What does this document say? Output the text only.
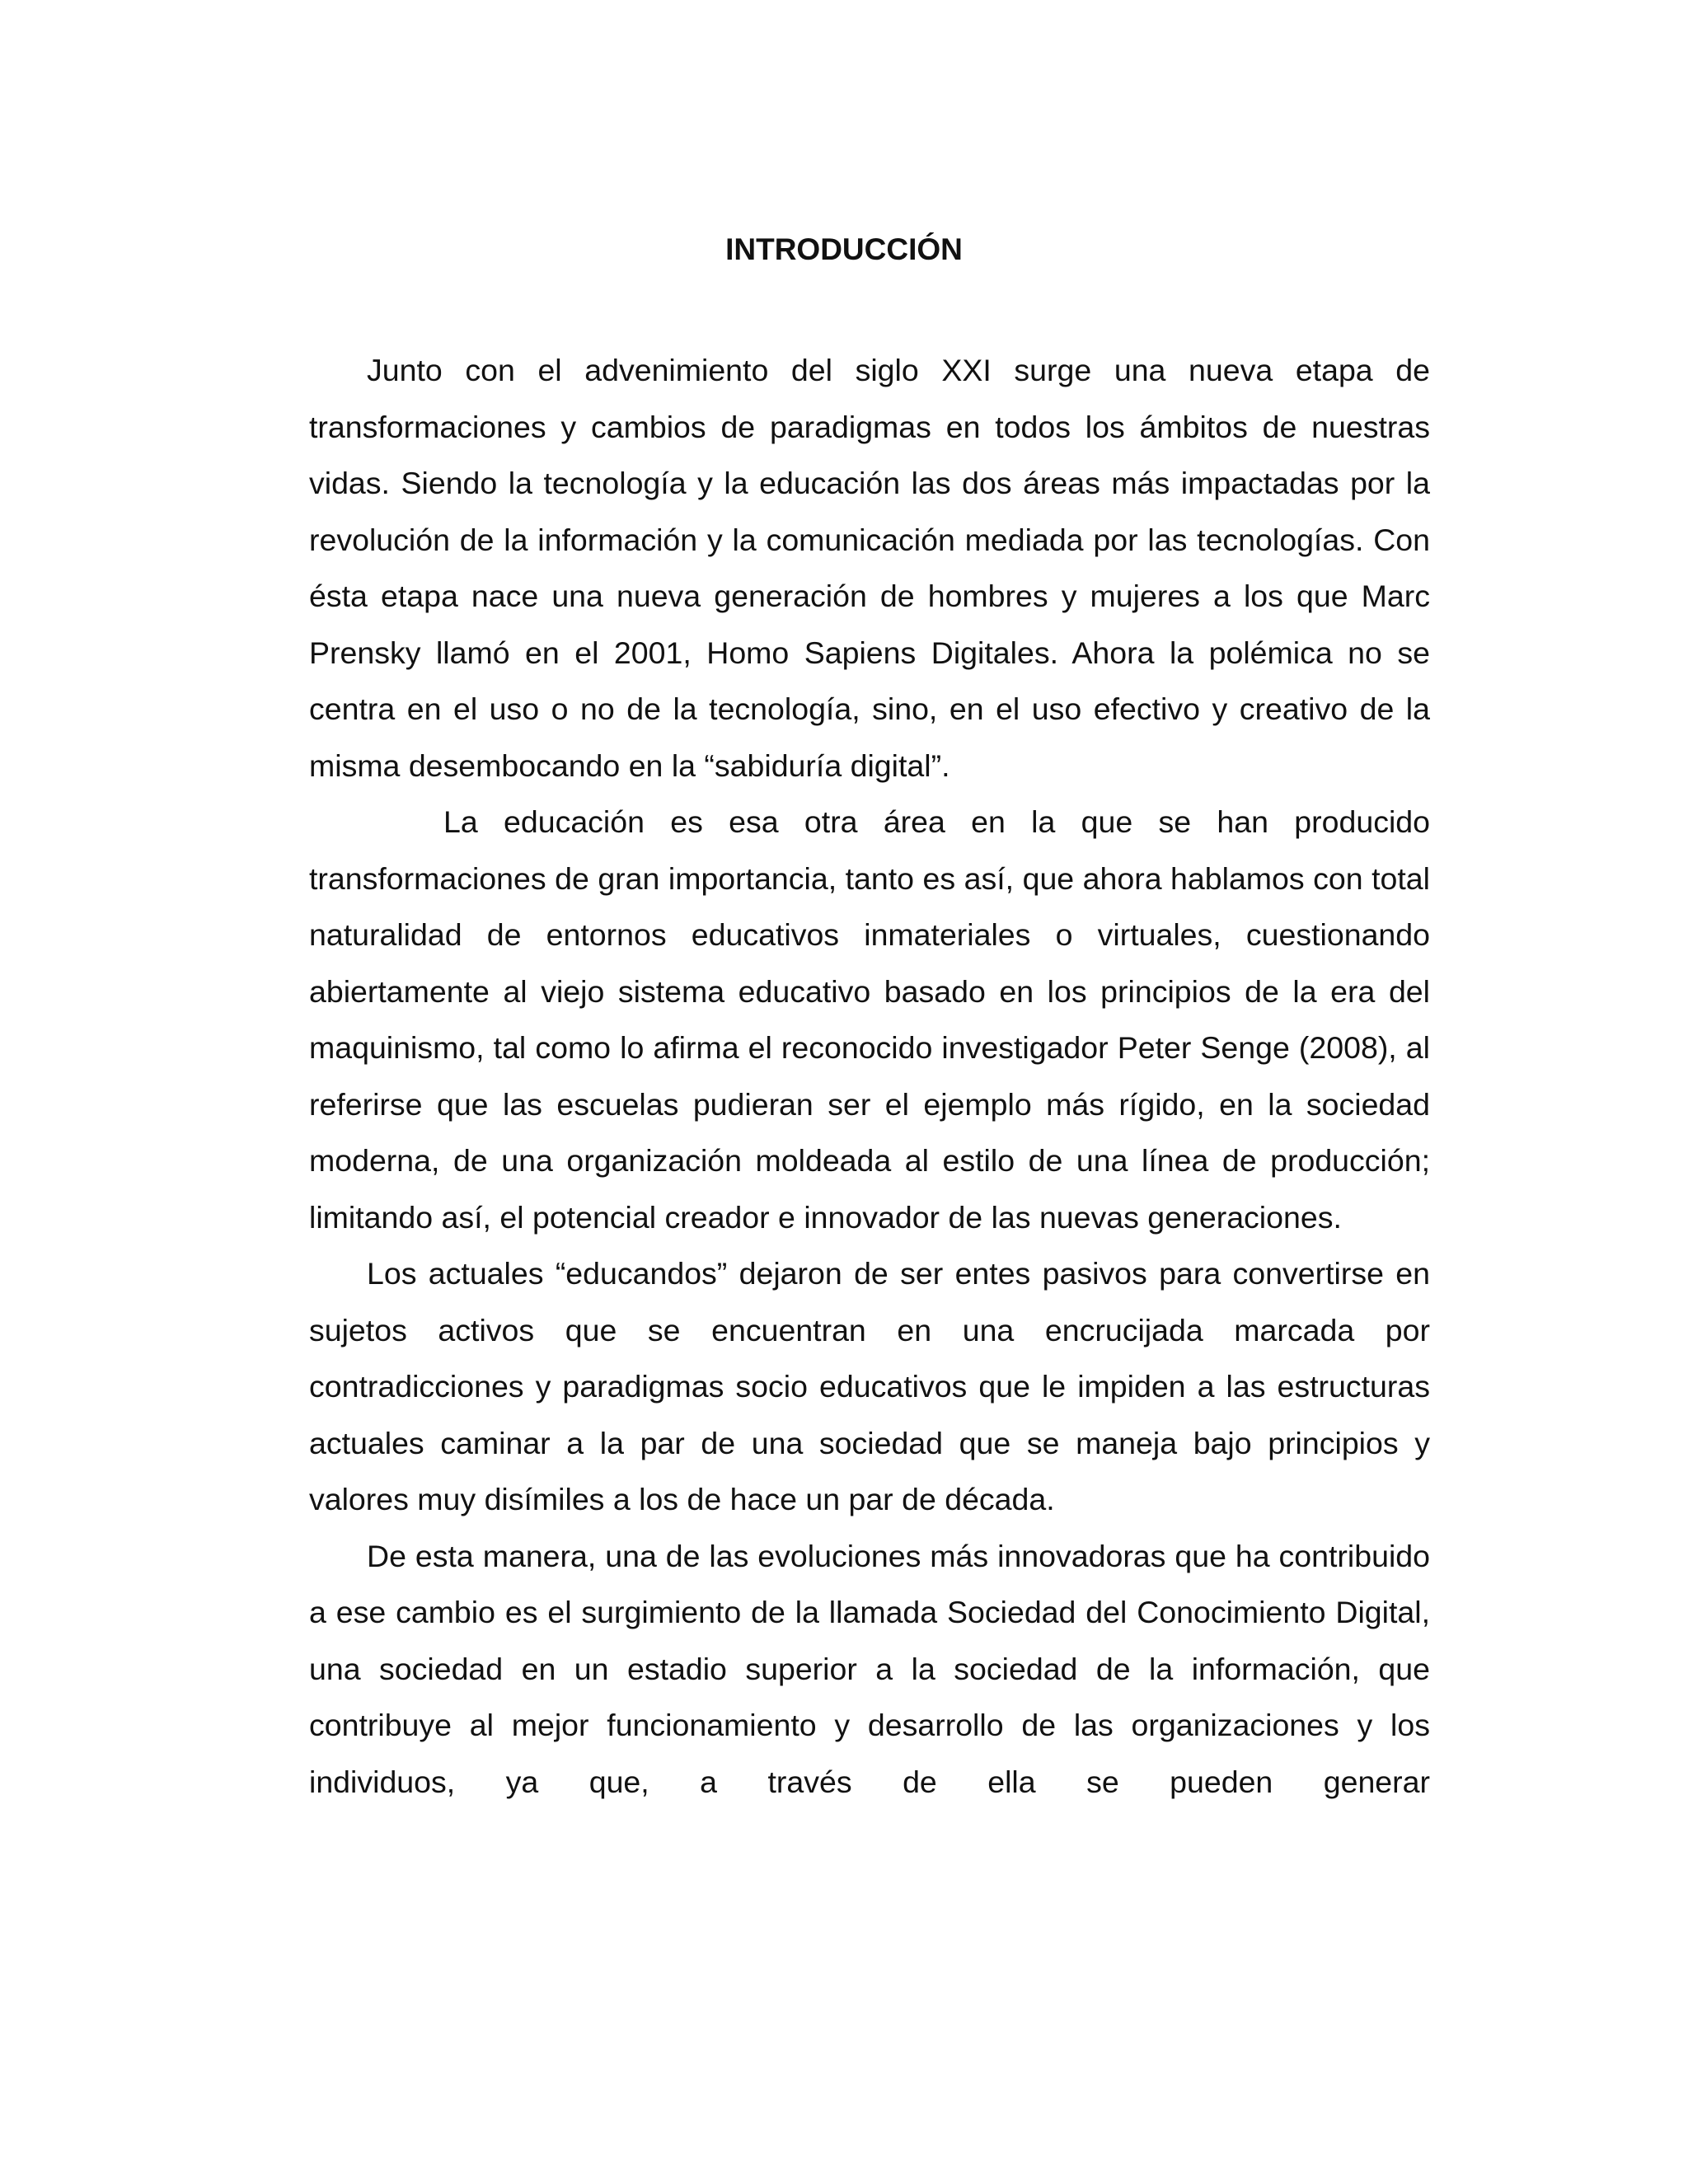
INTRODUCCIÓN

Junto con el advenimiento del siglo XXI surge una nueva etapa de transformaciones y cambios de paradigmas en todos los ámbitos de nuestras vidas. Siendo la tecnología y la educación las dos áreas más impactadas por la revolución de la información y la comunicación mediada por las tecnologías. Con ésta etapa nace una nueva generación de hombres y mujeres a los que Marc Prensky llamó en el 2001, Homo Sapiens Digitales. Ahora la polémica no se centra en el uso o no de la tecnología, sino, en el uso efectivo y creativo de la misma desembocando en la “sabiduría digital”.

La educación es esa otra área en la que se han producido transformaciones de gran importancia, tanto es así, que ahora hablamos con total naturalidad de entornos educativos inmateriales o virtuales, cuestionando abiertamente al viejo sistema educativo basado en los principios de la era del maquinismo, tal como lo afirma el reconocido investigador Peter Senge (2008), al referirse que las escuelas pudieran ser el ejemplo más rígido, en la sociedad moderna, de una organización moldeada al estilo de una línea de producción; limitando así, el potencial creador e innovador de las nuevas generaciones.

Los actuales “educandos” dejaron de ser entes pasivos para convertirse en sujetos activos que se encuentran en una encrucijada marcada por contradicciones y paradigmas socio educativos que le impiden a las estructuras actuales caminar a la par de una sociedad que se maneja bajo principios y valores muy disímiles a los de hace un par de década.

De esta manera, una de las evoluciones más innovadoras que ha contribuido a ese cambio es el surgimiento de la llamada Sociedad del Conocimiento Digital, una sociedad en un estadio superior a la sociedad de la información, que contribuye al mejor funcionamiento y desarrollo de las organizaciones y los individuos, ya que, a través de ella se pueden generar
